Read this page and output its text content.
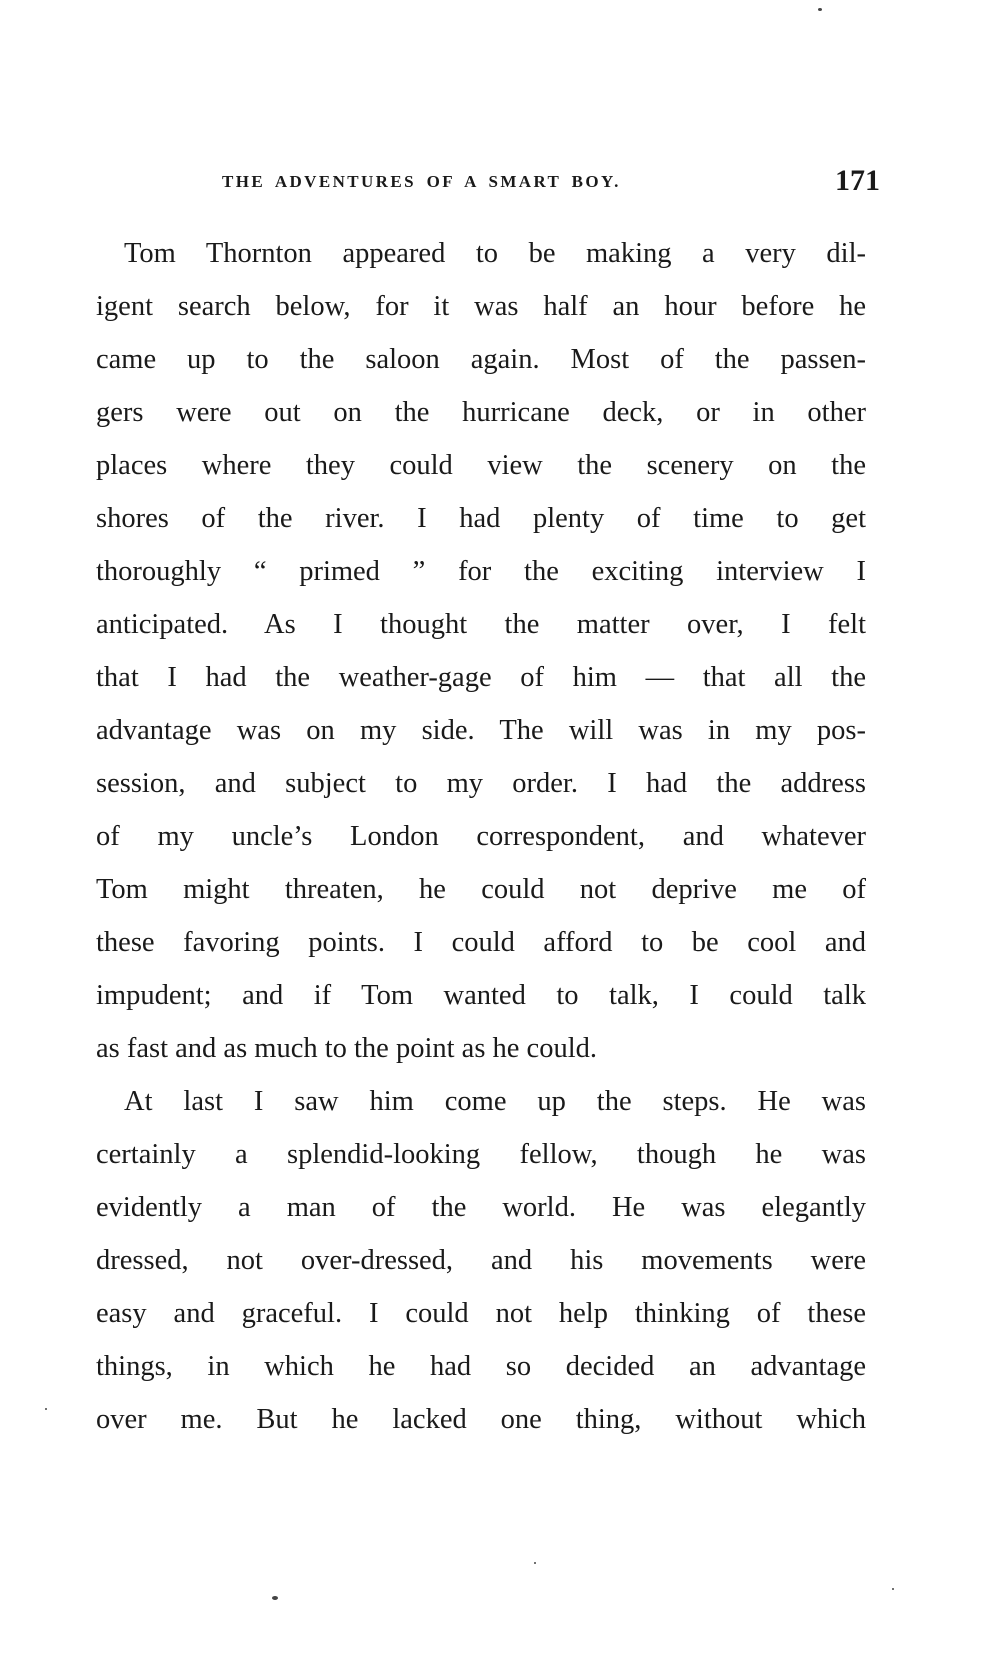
THE ADVENTURES OF A SMART BOY.	171
Tom Thornton appeared to be making a very dil-
igent search below, for it was half an hour before he
came up to the saloon again. Most of the passen-
gers were out on the hurricane deck, or in other
places where they could view the scenery on the
shores of the river. I had plenty of time to get
thoroughly “ primed ” for the exciting interview I
anticipated. As I thought the matter over, I felt
that I had the weather-gage of him — that all the
advantage was on my side. The will was in my pos-
session, and subject to my order. I had the address
of my uncle’s London correspondent, and whatever
Tom might threaten, he could not deprive me of
these favoring points. I could afford to be cool and
impudent; and if Tom wanted to talk, I could talk
as fast and as much to the point as he could.
At last I saw him come up the steps. He was
certainly a splendid-looking fellow, though he was
evidently a man of the world. He was elegantly
dressed, not over-dressed, and his movements were
easy and graceful. I could not help thinking of these
things, in which he had so decided an advantage
over me. But he lacked one thing, without which
